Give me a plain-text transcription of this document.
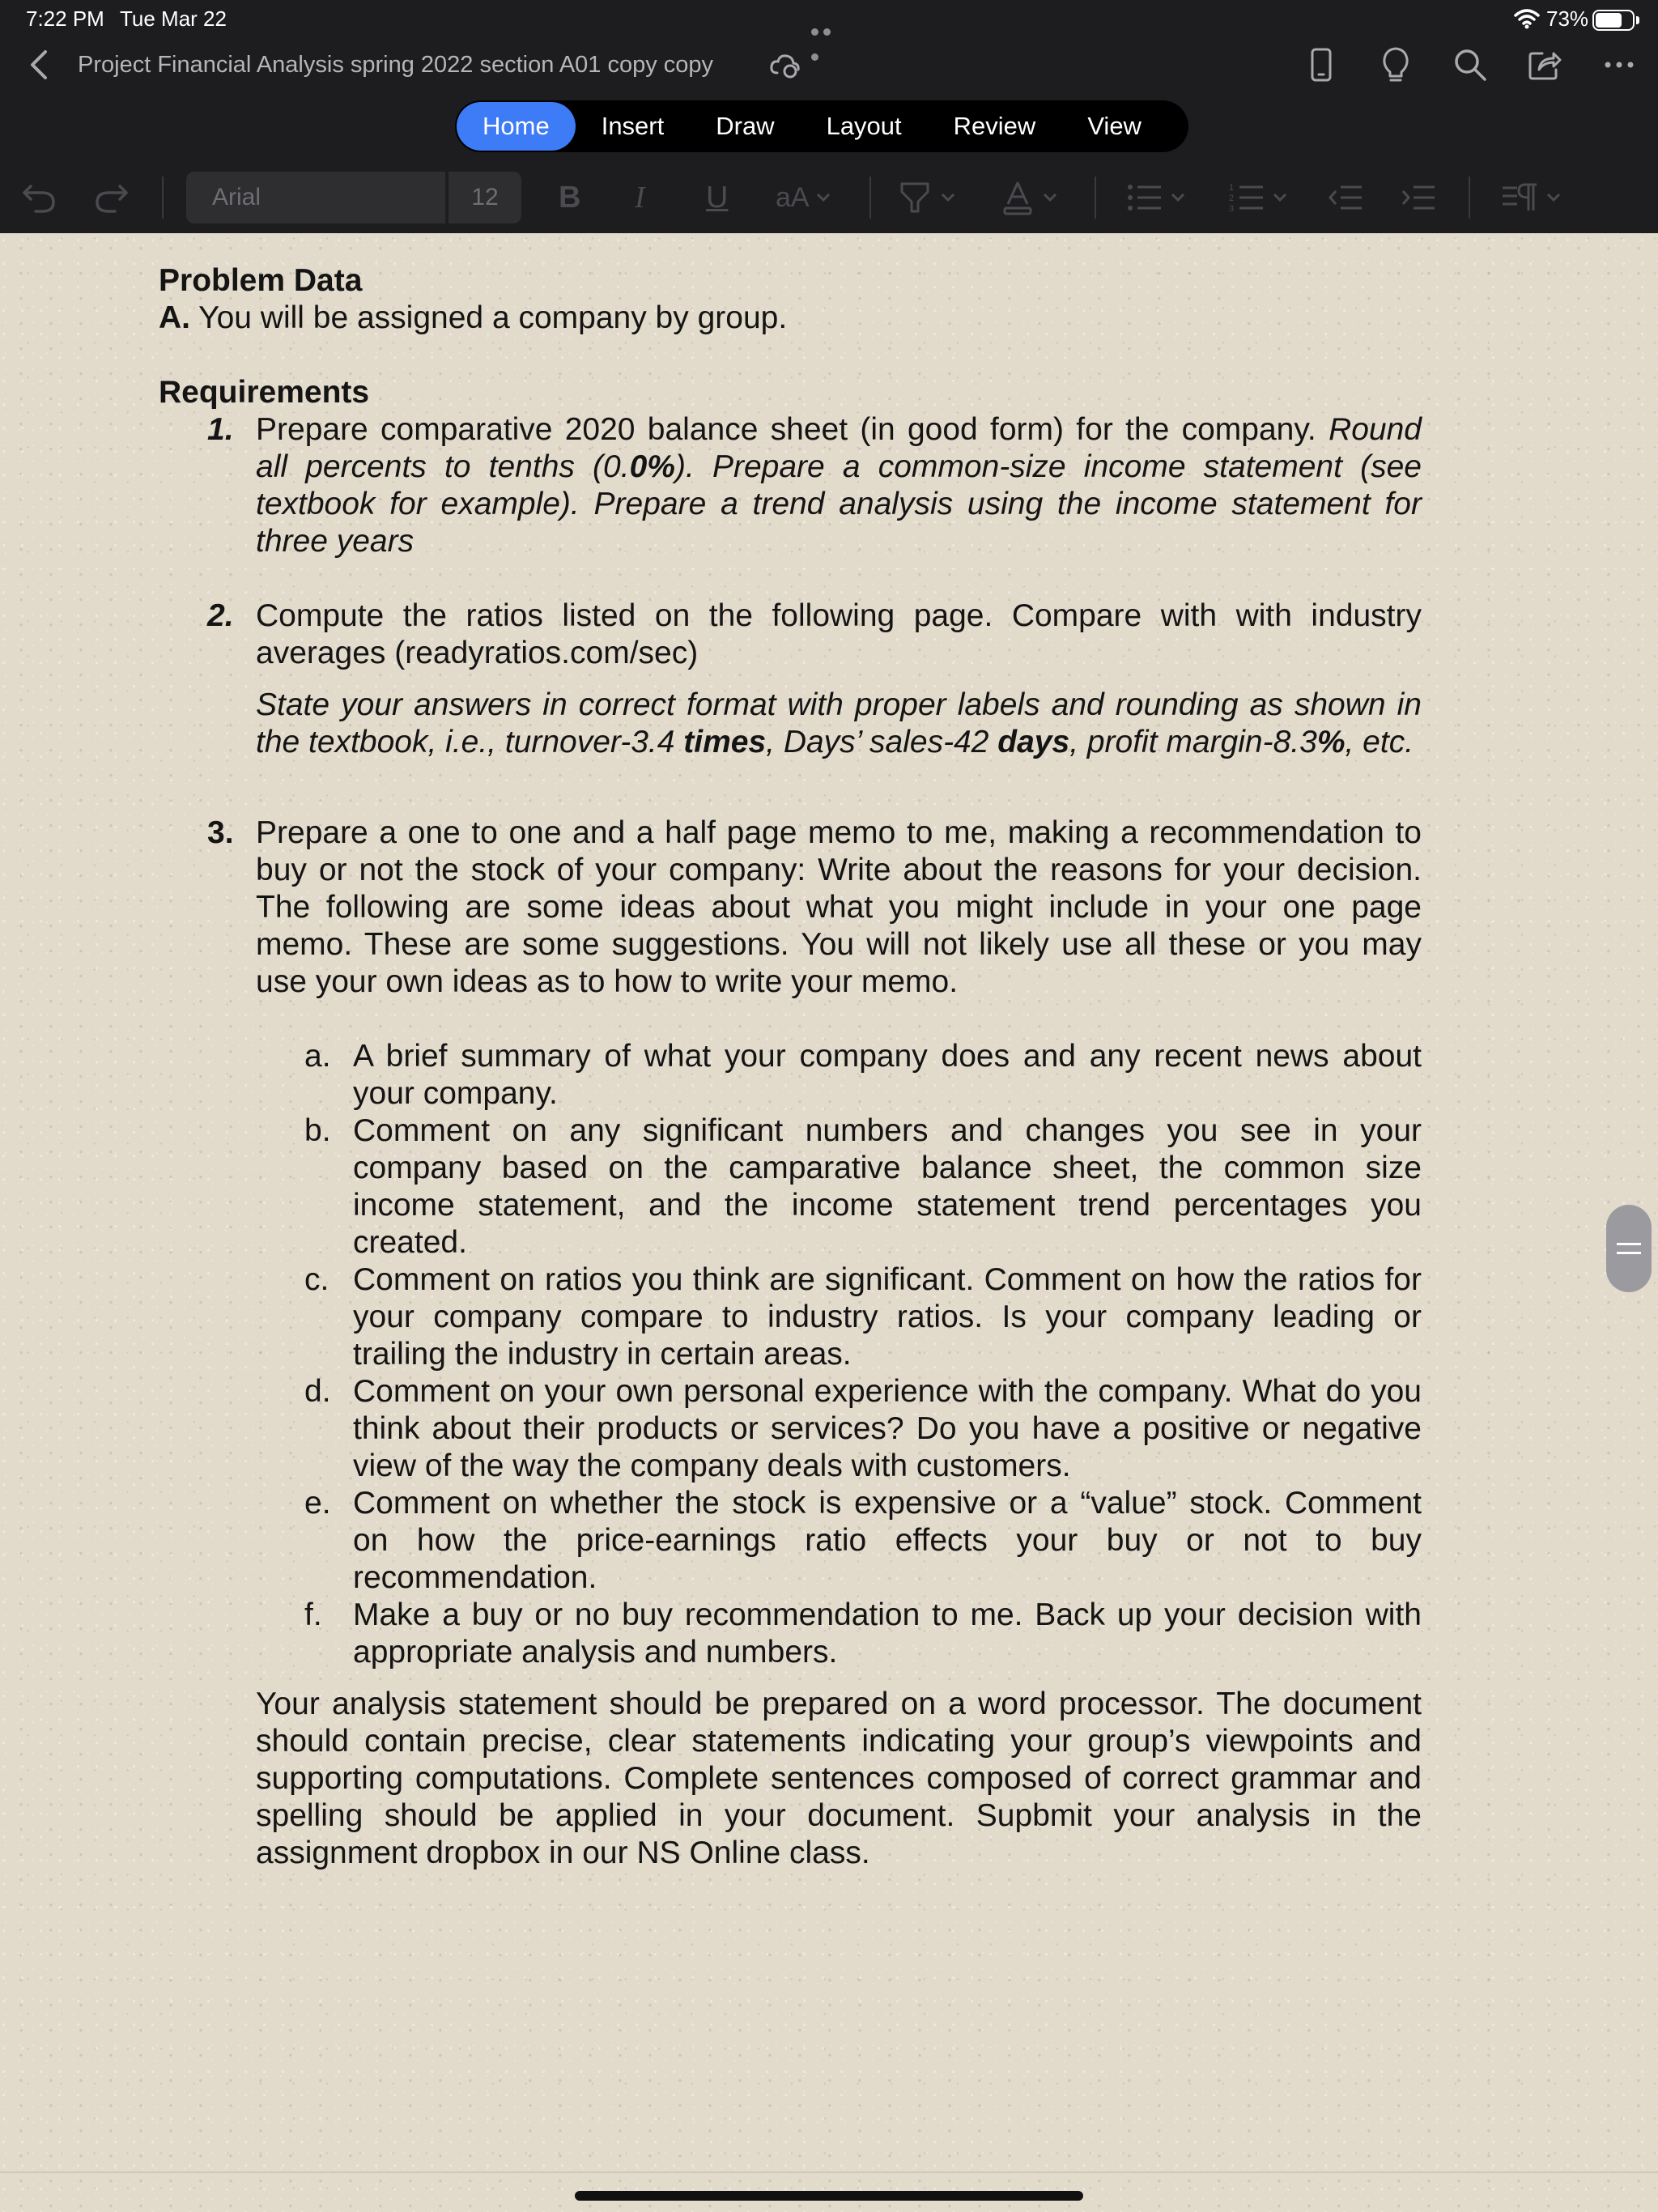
7:22 PM Tue Mar 22	73%
Project Financial Analysis spring 2022 section A01 copy copy
Home	Insert	Draw	Layout	Review	View
Arial	12	B I U aA	1
2
3
Problem Data
A. You will be assigned a company by group.
Requirements
1. Prepare comparative 2020 balance sheet (in good form) for the company. Round all percents to tenths (0.0%). Prepare a common-size income statement (see textbook for example). Prepare a trend analysis using the income statement for three years
2. Compute the ratios listed on the following page. Compare with with industry averages (readyratios.com/sec)
State your answers in correct format with proper labels and rounding as shown in the textbook, i.e., turnover-3.4 times, Days’ sales-42 days, profit margin-8.3%, etc.
3. Prepare a one to one and a half page memo to me, making a recommendation to buy or not the stock of your company: Write about the reasons for your decision. The following are some ideas about what you might include in your one page memo. These are some suggestions. You will not likely use all these or you may use your own ideas as to how to write your memo.
a. A brief summary of what your company does and any recent news about your company.
b. Comment on any significant numbers and changes you see in your company based on the camparative balance sheet, the common size income statement, and the income statement trend percentages you created.
c. Comment on ratios you think are significant. Comment on how the ratios for your company compare to industry ratios. Is your company leading or trailing the industry in certain areas.
d. Comment on your own personal experience with the company. What do you think about their products or services? Do you have a positive or negative view of the way the company deals with customers.
e. Comment on whether the stock is expensive or a “value” stock. Comment on how the price-earnings ratio effects your buy or not to buy recommendation.
f. Make a buy or no buy recommendation to me. Back up your decision with appropriate analysis and numbers.
Your analysis statement should be prepared on a word processor. The document should contain precise, clear statements indicating your group’s viewpoints and supporting computations. Complete sentences composed of correct grammar and spelling should be applied in your document. Supbmit your analysis in the assignment dropbox in our NS Online class.
